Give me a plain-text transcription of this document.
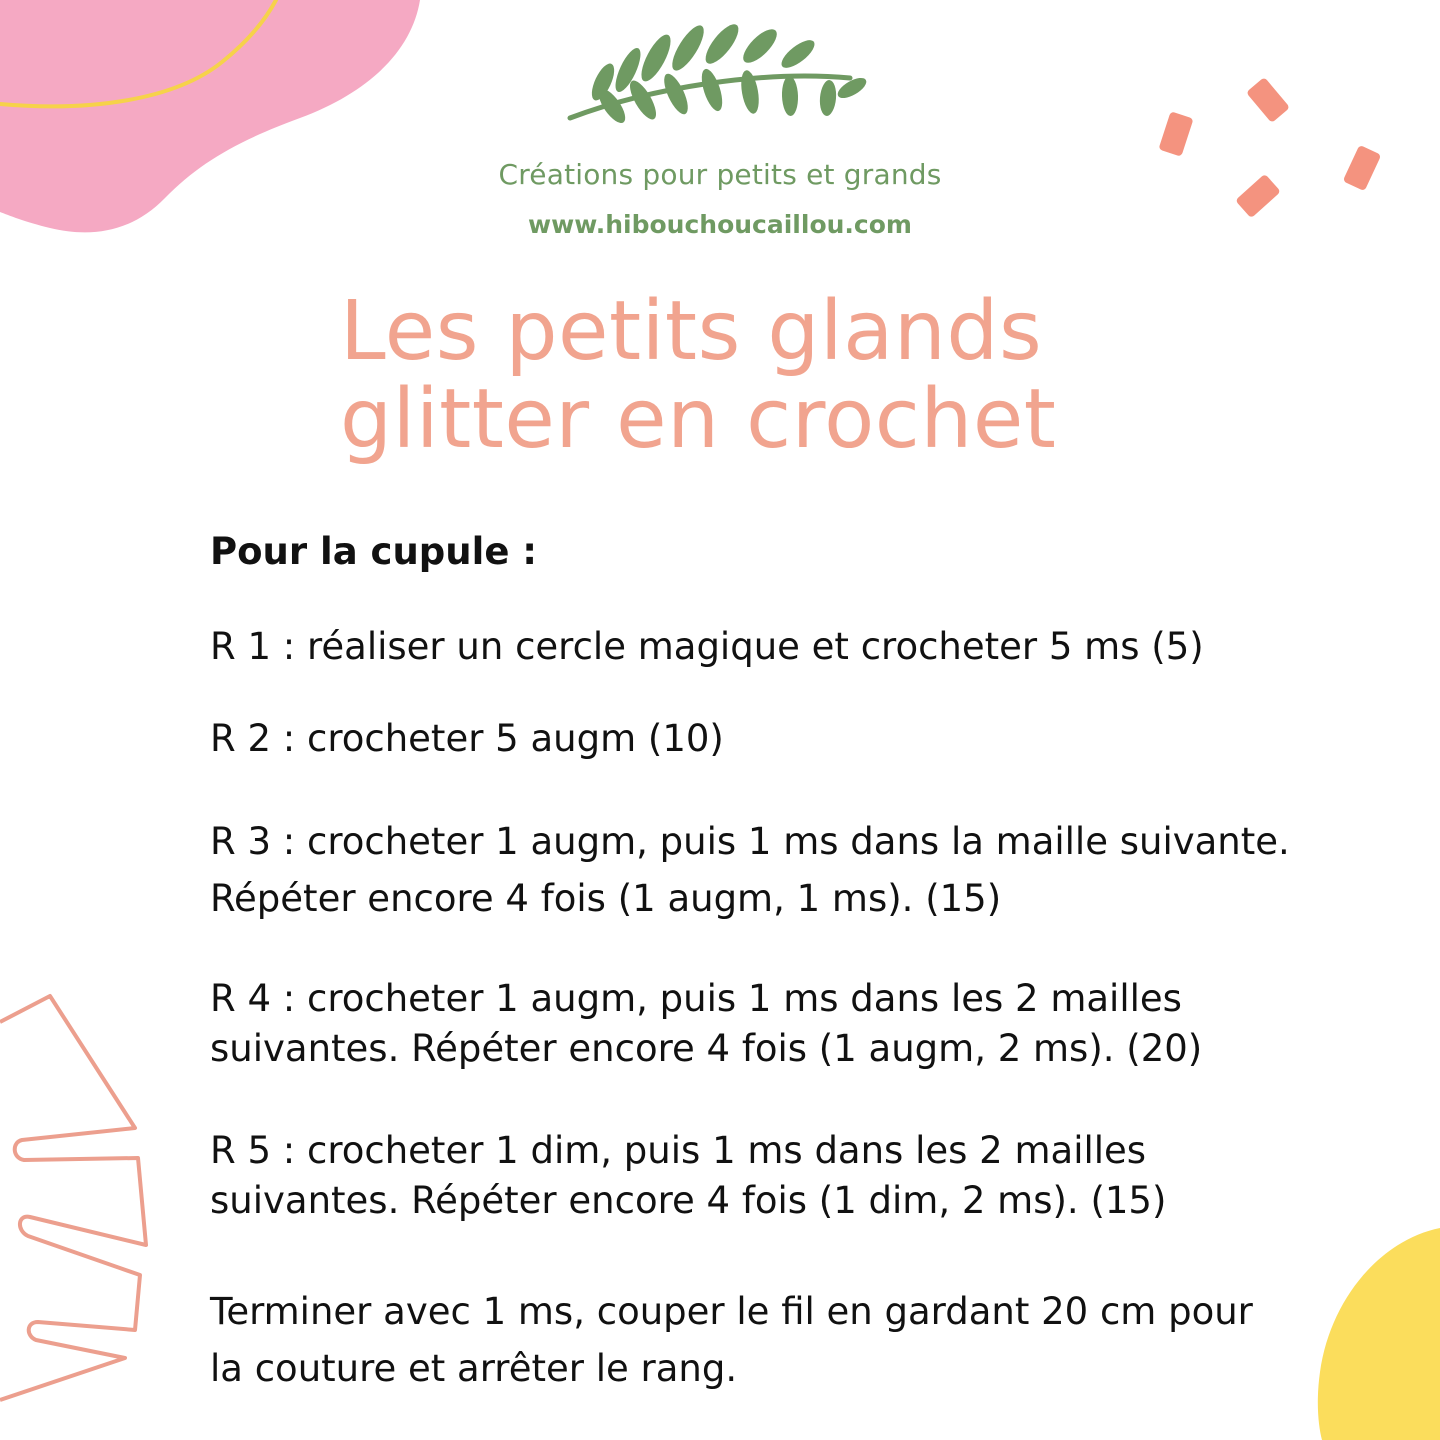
Créations pour petits et grands
www.hibouchoucaillou.com
Les petits glands
glitter en crochet
Pour la cupule :
R 1 : réaliser un cercle magique et crocheter 5 ms (5)
R 2 : crocheter 5 augm (10)
R 3 : crocheter 1 augm, puis 1 ms dans la maille suivante.
Répéter encore 4 fois (1 augm, 1 ms). (15)
R 4 : crocheter 1 augm, puis 1 ms dans les 2 mailles
suivantes. Répéter encore 4 fois (1 augm, 2 ms). (20)
R 5 : crocheter 1 dim, puis 1 ms dans les 2 mailles
suivantes. Répéter encore 4 fois (1 dim, 2 ms). (15)
Terminer avec 1 ms, couper le fil en gardant 20 cm pour
la couture et arrêter le rang.
